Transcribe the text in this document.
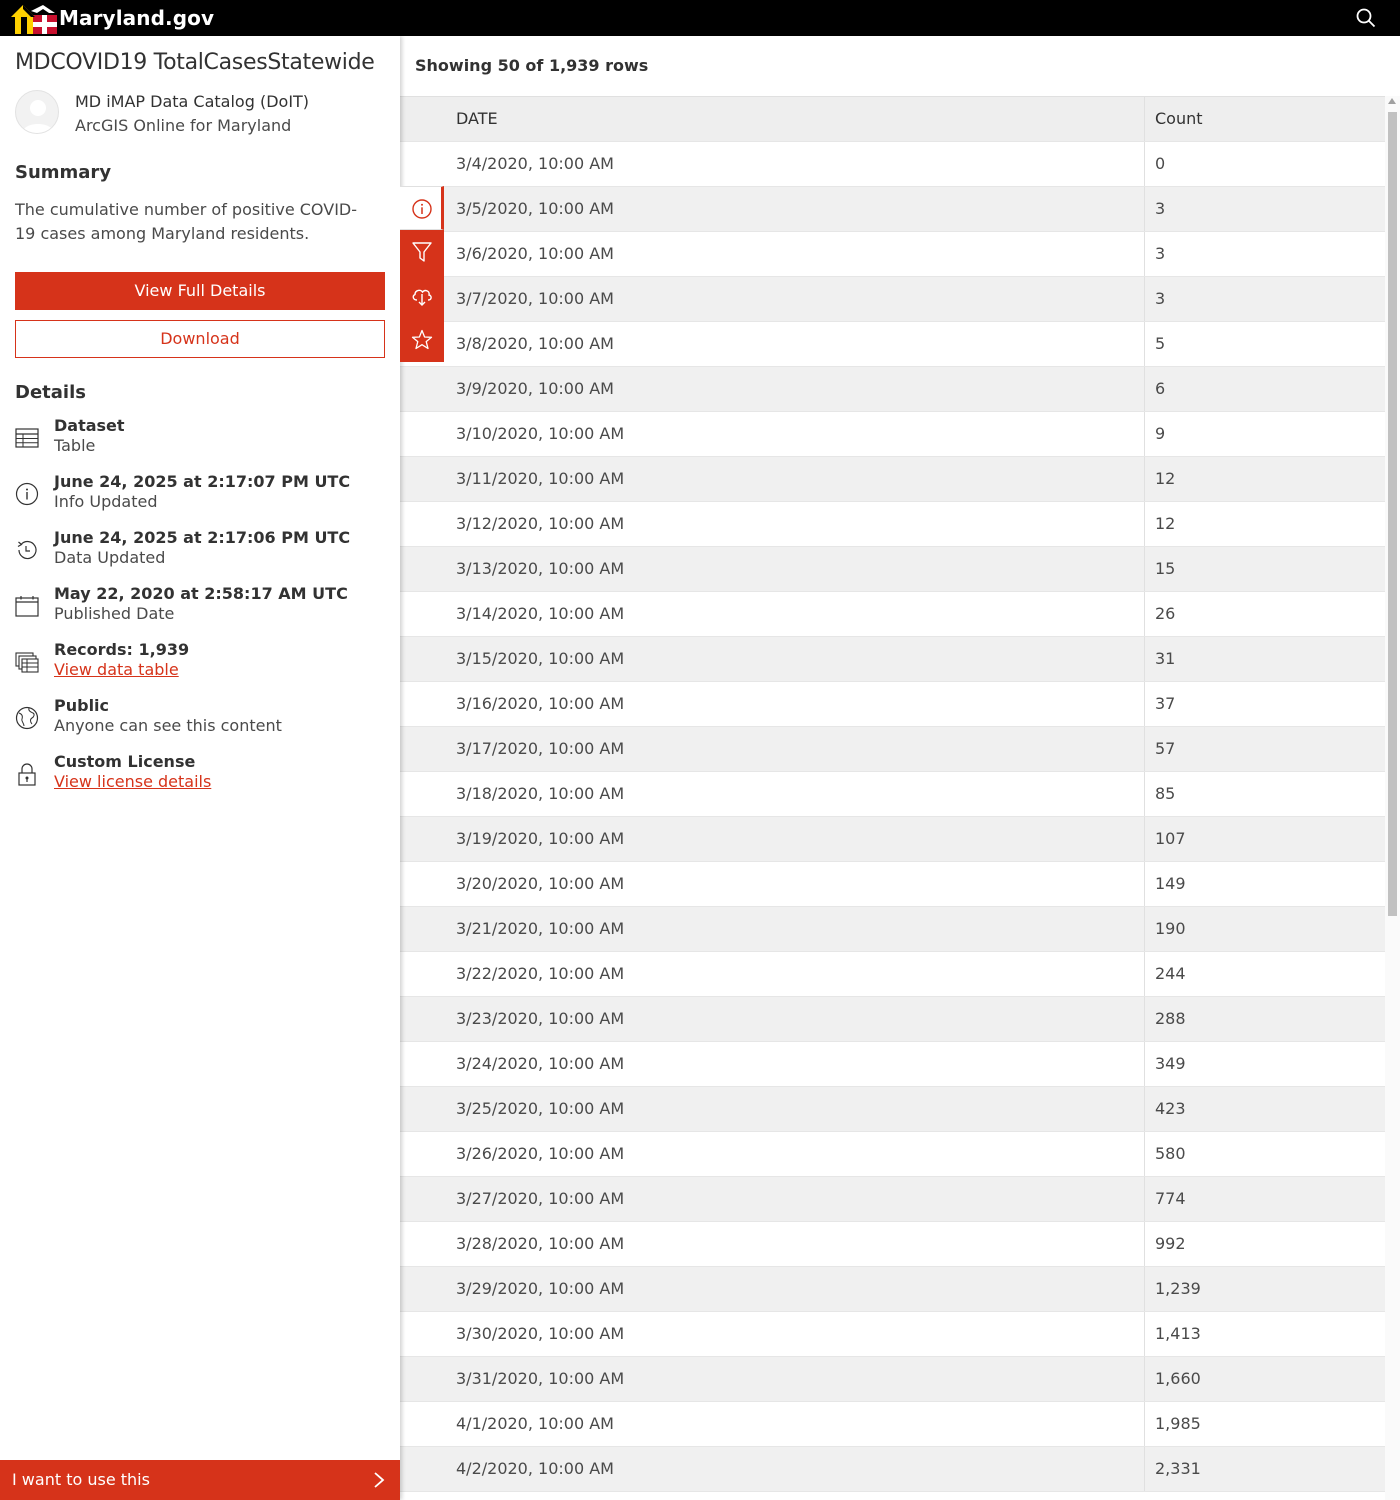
Maryland.gov
MDCOVID19 TotalCasesStatewide
MD iMAP Data Catalog (DoIT)
ArcGIS Online for Maryland
Summary

The cumulative number of positive COVID-19 cases among Maryland residents.

View Full Details
Download
Details
Dataset
Table
June 24, 2025 at 2:17:07 PM UTC
Info Updated
June 24, 2025 at 2:17:06 PM UTC
Data Updated
May 22, 2020 at 2:58:17 AM UTC
Published Date
Records: 1,939
View data table
Public
Anyone can see this content
Custom License
View license details
I want to use this
Showing 50 of 1,939 rows
DATE	Count
3/4/2020, 10:00 AM	0
3/5/2020, 10:00 AM	3
3/6/2020, 10:00 AM	3
3/7/2020, 10:00 AM	3
3/8/2020, 10:00 AM	5
3/9/2020, 10:00 AM	6
3/10/2020, 10:00 AM	9
3/11/2020, 10:00 AM	12
3/12/2020, 10:00 AM	12
3/13/2020, 10:00 AM	15
3/14/2020, 10:00 AM	26
3/15/2020, 10:00 AM	31
3/16/2020, 10:00 AM	37
3/17/2020, 10:00 AM	57
3/18/2020, 10:00 AM	85
3/19/2020, 10:00 AM	107
3/20/2020, 10:00 AM	149
3/21/2020, 10:00 AM	190
3/22/2020, 10:00 AM	244
3/23/2020, 10:00 AM	288
3/24/2020, 10:00 AM	349
3/25/2020, 10:00 AM	423
3/26/2020, 10:00 AM	580
3/27/2020, 10:00 AM	774
3/28/2020, 10:00 AM	992
3/29/2020, 10:00 AM	1,239
3/30/2020, 10:00 AM	1,413
3/31/2020, 10:00 AM	1,660
4/1/2020, 10:00 AM	1,985
4/2/2020, 10:00 AM	2,331
